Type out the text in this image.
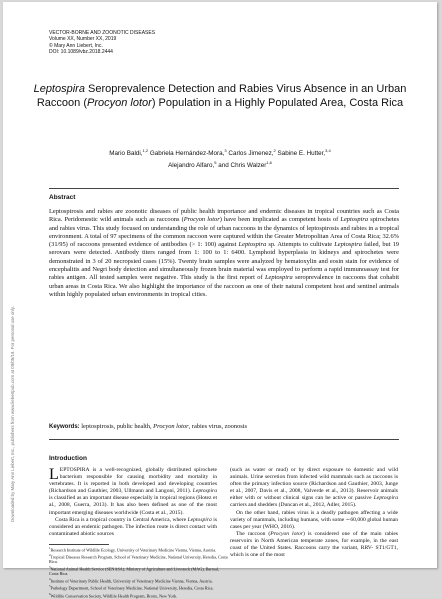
VECTOR-BORNE AND ZOONOTIC DISEASES
Volume XX, Number XX, 2019
© Mary Ann Liebert, Inc.
DOI: 10.1089/vbz.2018.2444
Leptospira Seroprevalence Detection and Rabies Virus Absence in an Urban Raccoon (Procyon lotor) Population in a Highly Populated Area, Costa Rica
Mario Baldi,$^{1,2}$ Gabriela Hernández-Mora,$^3$ Carlos Jimenez,$^2$ Sabine E. Hutter,$^{3,4}$
Alejandro Alfaro,$^5$ and Chris Walzer$^{1,6}$
Abstract
Leptospirosis and rabies are zoonotic diseases of public health importance and endemic diseases in tropical countries such as Costa Rica. Peridomestic wild animals such as raccoons (Procyon lotor) have been implicated as competent hosts of Leptospira spirochetes and rabies virus. This study focused on understanding the role of urban raccoons in the dynamics of leptospirosis and rabies in a tropical environment. A total of 97 specimens of the common raccoon were captured within the Greater Metropolitan Area of Costa Rica; 32.6% (31/95) of raccoons presented evidence of antibodies (> 1: 100) against Leptospira sp. Attempts to cultivate Leptospira failed, but 19 serovars were detected. Antibody titers ranged from 1: 100 to 1: 6400. Lymphoid hyperplasia in kidneys and spirochetes were demonstrated in 3 of 20 necropsied cases (15%). Twenty brain samples were analyzed by hematoxylin and eosin stain for evidence of encephalitis and Negri body detection and simultaneously frozen brain material was employed to perform a rapid immunoassay test for rabies antigen. All tested samples were negative. This study is the first report of Leptospira seroprevalence in raccoons that cohabit urban areas in Costa Rica. We also highlight the importance of the raccoon as one of their natural competent host and sentinel animals within highly populated urban environments in tropical cities.
Keywords: leptospirosis, public health, Procyon lotor, rabies virus, zoonosis
Introduction

LEPTOSPIRA is a well-recognized, globally distributed spirochete bacterium responsible for causing morbidity and mortality in vertebrates. It is reported in both developed and developing countries (Richardson and Gauthier, 2003, Ullmann and Langoni, 2011). Leptospira is classified as an important disease especially in tropical regions (Hotez et al., 2008, Guerra, 2013). It has also been defined as one of the most important emerging diseases worldwide (Costa et al., 2015).

Costa Rica is a tropical country in Central America, where Leptospira is considered an endemic pathogen. The infection route is direct contact with contaminated abiotic sources

(such as water or mud) or by direct exposure to domestic and wild animals. Urine secretion from infected wild mammals such as raccoons is often the primary infection source (Richardson and Gauthier, 2003, Junge et al., 2007, Davis et al., 2008, Valverde et al., 2013). Reservoir animals either with or without clinical signs can be active or passive Leptospira carriers and shedders (Duncan et al., 2012, Adler, 2015).

On the other hand, rabies virus is a deadly pathogen affecting a wide variety of mammals, including humans, with some ∼60,000 global human cases per year (WHO, 2016).

The raccoon (Procyon lotor) is considered one of the main rabies reservoirs in North American temperate zones, for example, in the east coast of the United States. Raccoons carry the variant, RRV- ST1/GT1, which is one of the most

$^1$Research Institute of Wildlife Ecology, University of Veterinary Medicine Vienna, Vienna, Austria.
$^2$Tropical Diseases Research Program, School of Veterinary Medicine, National University, Heredia, Costa Rica.
$^3$National Animal Health Service (SENASA), Ministry of Agriculture and Livestock (MAG), Barreal, Costa Rica.
$^4$Institute of Veterinary Public Health, University of Veterinary Medicine Vienna, Vienna, Austria.
$^5$Pathology Department, School of Veterinary Medicine, National University, Heredia, Costa Rica.
$^6$Wildlife Conservation Society, Wildlife Health Program, Bronx, New York.
Downloaded by Mary Ann Liebert, Inc., publishers from www.liebertpub.com at 09/05/19. For personal use only.
